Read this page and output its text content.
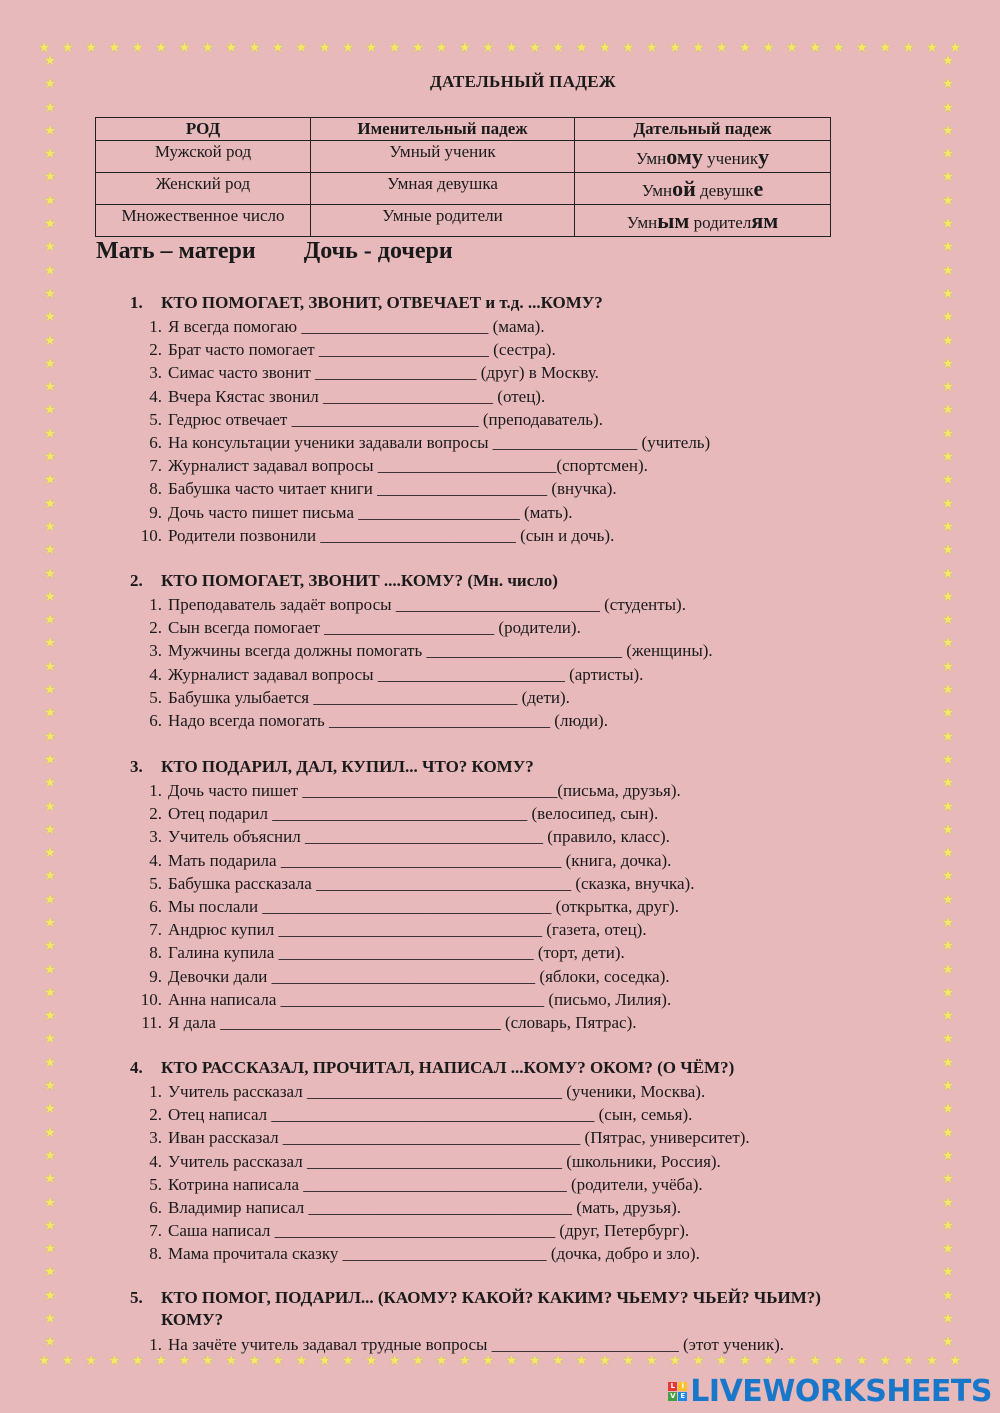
★ ★ ★ ★ ★ ★ ★ ★ ★ ★ ★ ★ ★ ★ ★ ★ ★ ★ ★ ★ ★ ★ ★ ★ ★ ★ ★ ★ ★ ★ ★ ★ ★ ★ ★ ★ ★ ★ ★ ★
★ ★ ★ ★ ★ ★ ★ ★ ★ ★ ★ ★ ★ ★ ★ ★ ★ ★ ★ ★ ★ ★ ★ ★ ★ ★ ★ ★ ★ ★ ★ ★ ★ ★ ★ ★ ★ ★ ★ ★
★
★
★
★
★
★
★
★
★
★
★
★
★
★
★
★
★
★
★
★
★
★
★
★
★
★
★
★
★
★
★
★
★
★
★
★
★
★
★
★
★
★
★
★
★
★
★
★
★
★
★
★
★
★
★
★
★
★
★
★
★
★
★
★
★
★
★
★
★
★
★
★
★
★
★
★
★
★
★
★
★
★
★
★
★
★
★
★
★
★
★
★
★
★
★
★
★
★
★
★
★
★
★
★
★
★
★
★
★
★
★
★
ДАТЕЛЬНЫЙ ПАДЕЖ
РОД	Именительный падеж	Дательный падеж
Мужской род	Умный ученик	Умному ученику
Женский род	Умная девушка	Умной девушке
Множественное число	Умные родители	Умным родителям
Мать – матери        Дочь - дочери
1. КТО ПОМОГАЕТ, ЗВОНИТ, ОТВЕЧАЕТ и т.д. ...КОМУ?
1. Я всегда помогаю ______________________ (мама).
2. Брат часто помогает ____________________ (сестра).
3. Симас часто звонит ___________________ (друг) в Москву.
4. Вчера Кястас звонил ____________________ (отец).
5. Гедрюс отвечает ______________________ (преподаватель).
6. На консультации ученики задавали вопросы _________________ (учитель)
7. Журналист задавал вопросы _____________________(спортсмен).
8. Бабушка часто читает книги ____________________ (внучка).
9. Дочь часто пишет письма ___________________ (мать).
10. Родители позвонили _______________________ (сын и дочь).
2. КТО ПОМОГАЕТ, ЗВОНИТ ....КОМУ? (Мн. число)
1. Преподаватель задаёт вопросы ________________________ (студенты).
2. Сын всегда помогает ____________________ (родители).
3. Мужчины всегда должны помогать _______________________ (женщины).
4. Журналист задавал вопросы ______________________ (артисты).
5. Бабушка улыбается ________________________ (дети).
6. Надо всегда помогать __________________________ (люди).
3. КТО ПОДАРИЛ, ДАЛ, КУПИЛ... ЧТО? КОМУ?
1. Дочь часто пишет ______________________________(письма, друзья).
2. Отец подарил ______________________________ (велосипед, сын).
3. Учитель объяснил ____________________________ (правило, класс).
4. Мать подарила _________________________________ (книга, дочка).
5. Бабушка рассказала ______________________________ (сказка, внучка).
6. Мы послали __________________________________ (открытка, друг).
7. Андрюс купил _______________________________ (газета, отец).
8. Галина купила ______________________________ (торт, дети).
9. Девочки дали _______________________________ (яблоки, соседка).
10. Анна написала _______________________________ (письмо, Лилия).
11. Я дала _________________________________ (словарь, Пятрас).
4. КТО РАССКАЗАЛ, ПРОЧИТАЛ, НАПИСАЛ ...КОМУ? ОКОМ? (О ЧЁМ?)
1. Учитель рассказал ______________________________ (ученики, Москва).
2. Отец написал ______________________________________ (сын, семья).
3. Иван рассказал ___________________________________ (Пятрас, университет).
4. Учитель рассказал ______________________________ (школьники, Россия).
5. Котрина написала _______________________________ (родители, учёба).
6. Владимир написал _______________________________ (мать, друзья).
7. Саша написал _________________________________ (друг, Петербург).
8. Мама прочитала сказку ________________________ (дочка, добро и зло).
5. КТО ПОМОГ, ПОДАРИЛ... (КАОМУ? КАКОЙ? КАКИМ? ЧЬЕМУ? ЧЬЕЙ? ЧЬИМ?)
КОМУ?
1. На зачёте учитель задавал трудные вопросы ______________________ (этот ученик).
L i
V E LIVEWORKSHEETS
